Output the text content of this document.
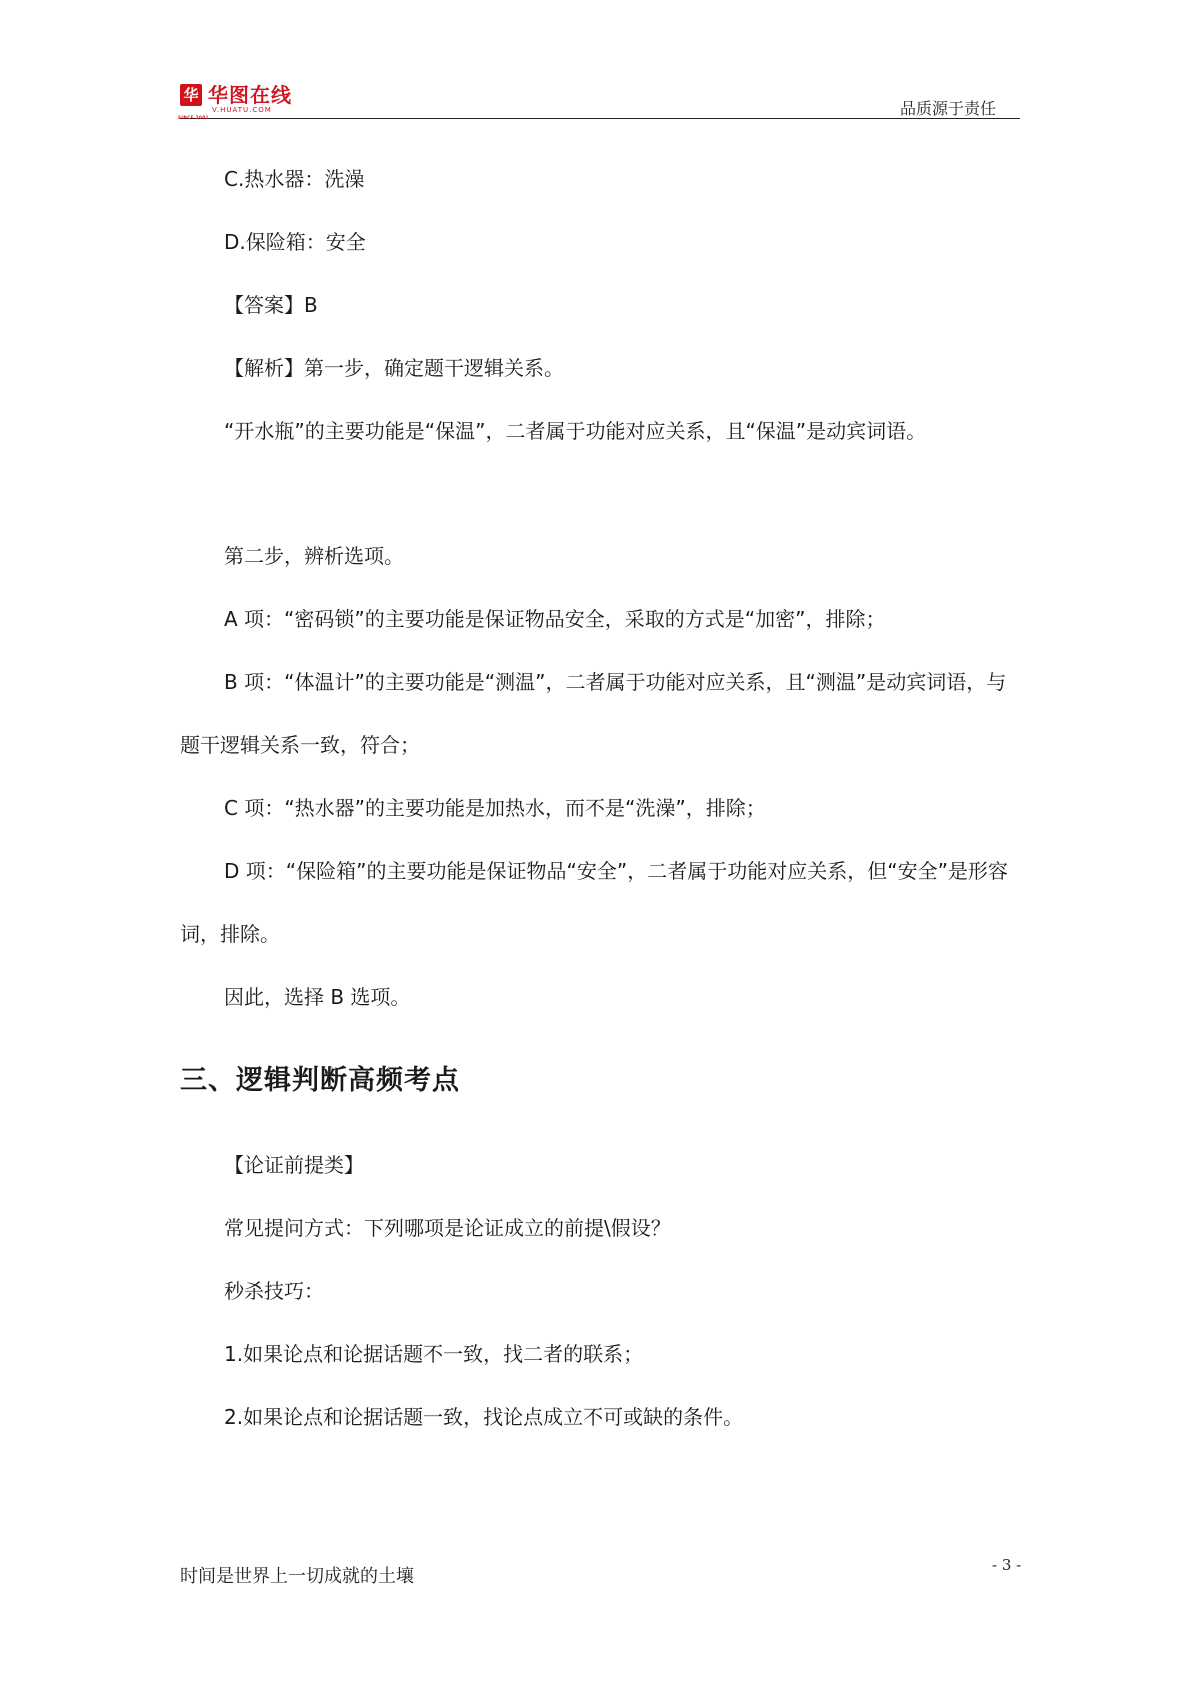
华
SINCE 2001
华图在线
V.HUATU.COM	品质源于责任

C.热水器：洗澡

D.保险箱：安全

【答案】B

【解析】第一步，确定题干逻辑关系。

“开水瓶”的主要功能是“保温”，二者属于功能对应关系，且“保温”是动宾词语。

第二步，辨析选项。

A 项：“密码锁”的主要功能是保证物品安全，采取的方式是“加密”，排除；

B 项：“体温计”的主要功能是“测温”，二者属于功能对应关系，且“测温”是动宾词语，与题干逻辑关系一致，符合；

C 项：“热水器”的主要功能是加热水，而不是“洗澡”，排除；

D 项：“保险箱”的主要功能是保证物品“安全”，二者属于功能对应关系，但“安全”是形容词，排除。

因此，选择 B 选项。

三、逻辑判断高频考点

【论证前提类】

常见提问方式：下列哪项是论证成立的前提\假设？

秒杀技巧：

1.如果论点和论据话题不一致，找二者的联系；

2.如果论点和论据话题一致，找论点成立不可或缺的条件。

时间是世界上一切成就的土壤
- 3 -
